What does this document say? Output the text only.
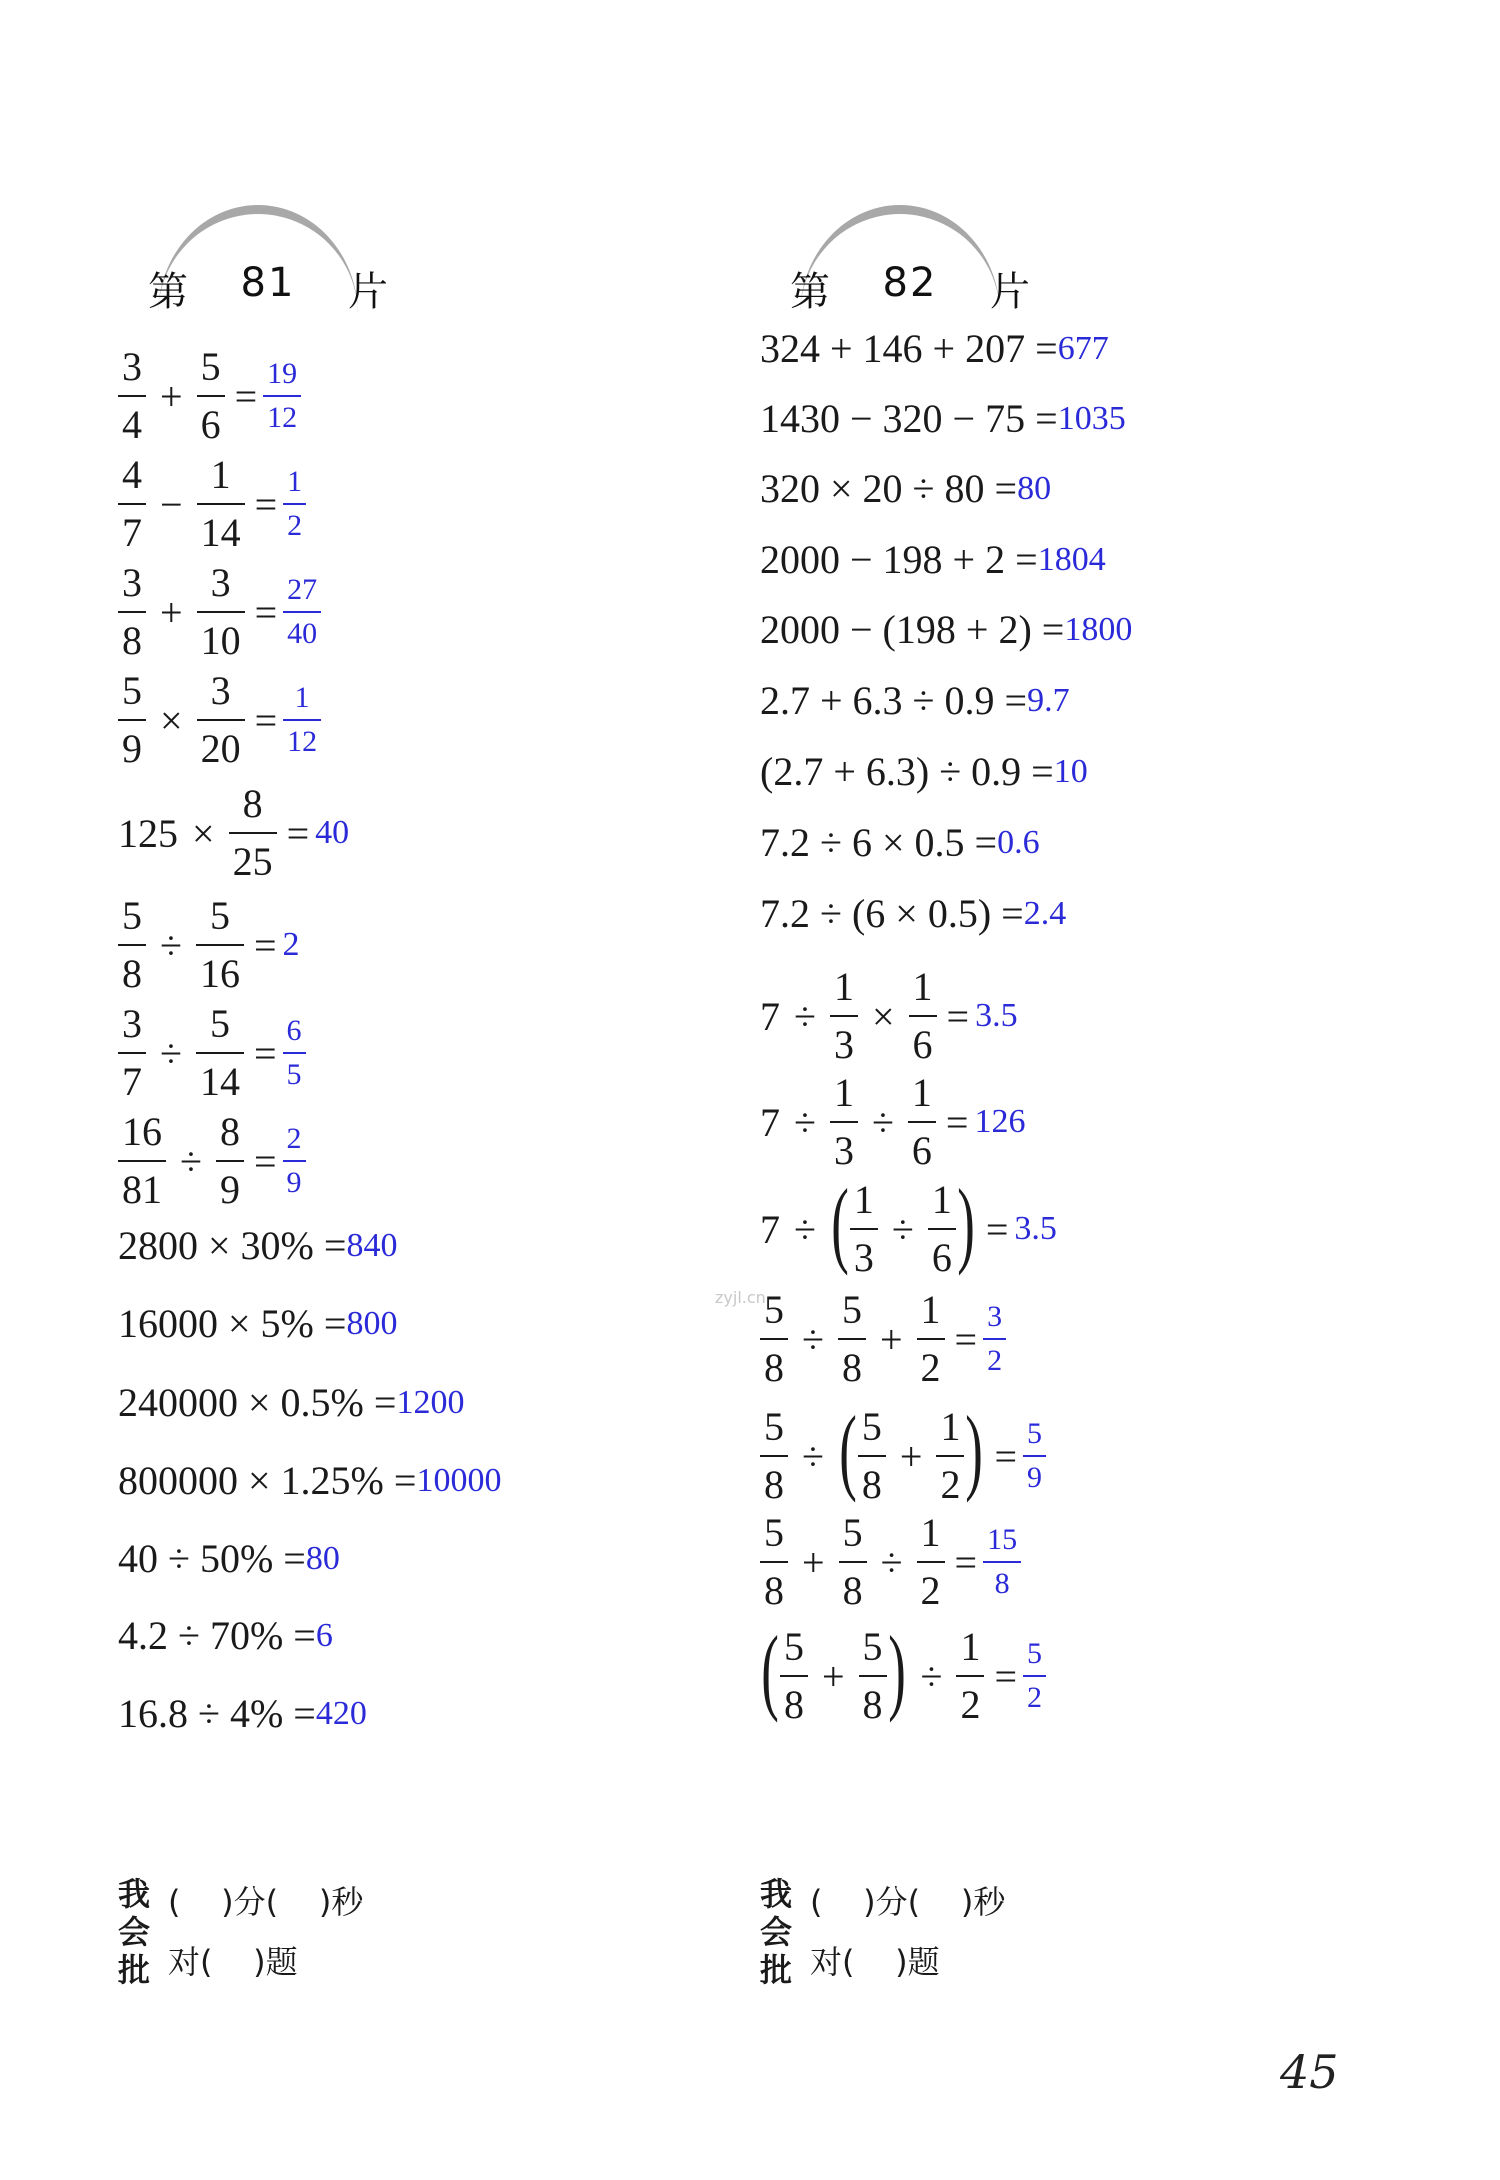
zyjl.cn
第 81 片
$\frac{3}{4} + \frac{5}{6} = \frac{19}{12}$
$\frac{4}{7} - \frac{1}{14} = \frac{1}{2}$
$\frac{3}{8} + \frac{3}{10} = \frac{27}{40}$
$\frac{5}{9} \times \frac{3}{20} = \frac{1}{12}$
$125 \times \frac{8}{25} = 40$
$\frac{5}{8} \div \frac{5}{16} = 2$
$\frac{3}{7} \div \frac{5}{14} = \frac{6}{5}$
$\frac{16}{81} \div \frac{8}{9} = \frac{2}{9}$
2800 × 30% = 840
16000 × 5% = 800
240000 × 0.5% = 1200
800000 × 1.25% = 10000
40 ÷ 50% = 80
4.2 ÷ 70% = 6
16.8 ÷ 4% = 420
我
会
批
(    )分(    )秒
对(    )题
第 82 片
324 + 146 + 207 = 677
1430 − 320 − 75 = 1035
320 × 20 ÷ 80 = 80
2000 − 198 + 2 = 1804
2000 − (198 + 2) = 1800
2.7 + 6.3 ÷ 0.9 = 9.7
(2.7 + 6.3) ÷ 0.9 = 10
7.2 ÷ 6 × 0.5 = 0.6
7.2 ÷ (6 × 0.5) = 2.4
$7 \div \frac{1}{3} \times \frac{1}{6} = 3.5$
$7 \div \frac{1}{3} \div \frac{1}{6} = 126$
7 ÷ ( $\frac{1}{3} \div \frac{1}{6}$ ) = 3.5
$\frac{5}{8} \div \frac{5}{8} + \frac{1}{2} = \frac{3}{2}$
$\frac{5}{8}$ ÷ ( $\frac{5}{8} + \frac{1}{2}$ ) = $\frac{5}{9}$
$\frac{5}{8} + \frac{5}{8} \div \frac{1}{2} = \frac{15}{8}$
( $\frac{5}{8} + \frac{5}{8}$ ) ÷ $\frac{1}{2} = \frac{5}{2}$
我
会
批
(    )分(    )秒
对(    )题
45
